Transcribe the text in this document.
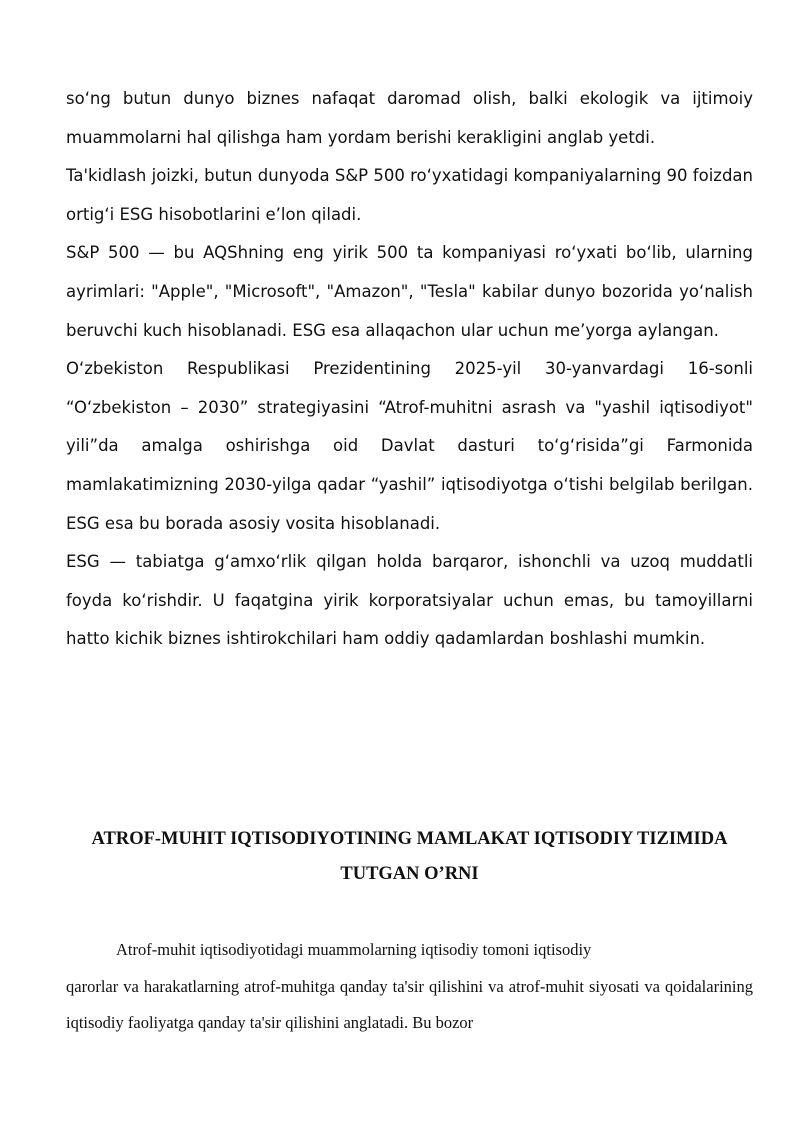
so‘ng butun dunyo biznes nafaqat daromad olish, balki ekologik va ijtimoiy muammolarni hal qilishga ham yordam berishi kerakligini anglab yetdi.

Ta'kidlash joizki, butun dunyoda S&P 500 ro‘yxatidagi kompaniyalarning 90 foizdan ortig‘i ESG hisobotlarini e’lon qiladi.

S&P 500 — bu AQShning eng yirik 500 ta kompaniyasi ro‘yxati bo‘lib, ularning ayrimlari: "Apple", "Microsoft", "Amazon", "Tesla" kabilar dunyo bozorida yo‘nalish beruvchi kuch hisoblanadi. ESG esa allaqachon ular uchun me’yorga aylangan.

O‘zbekiston Respublikasi Prezidentining 2025-yil 30-yanvardagi 16-sonli “O‘zbekiston – 2030” strategiyasini “Atrof-muhitni asrash va "yashil iqtisodiyot" yili”da amalga oshirishga oid Davlat dasturi to‘g‘risida”gi Farmonida mamlakatimizning 2030-yilga qadar “yashil” iqtisodiyotga o‘tishi belgilab berilgan. ESG esa bu borada asosiy vosita hisoblanadi.

ESG — tabiatga g‘amxo‘rlik qilgan holda barqaror, ishonchli va uzoq muddatli foyda ko‘rishdir. U faqatgina yirik korporatsiyalar uchun emas, bu tamoyillarni hatto kichik biznes ishtirokchilari ham oddiy qadamlardan boshlashi mumkin.

ATROF-MUHIT IQTISODIYOTINING MAMLAKAT IQTISODIY TIZIMIDA TUTGAN O’RNI
Atrof-muhit iqtisodiyotidagi muammolarning iqtisodiy tomoni iqtisodiy
qarorlar va harakatlarning atrof-muhitga qanday ta'sir qilishini va atrof-muhit siyosati va qoidalarining iqtisodiy faoliyatga qanday ta'sir qilishini anglatadi. Bu bozor
